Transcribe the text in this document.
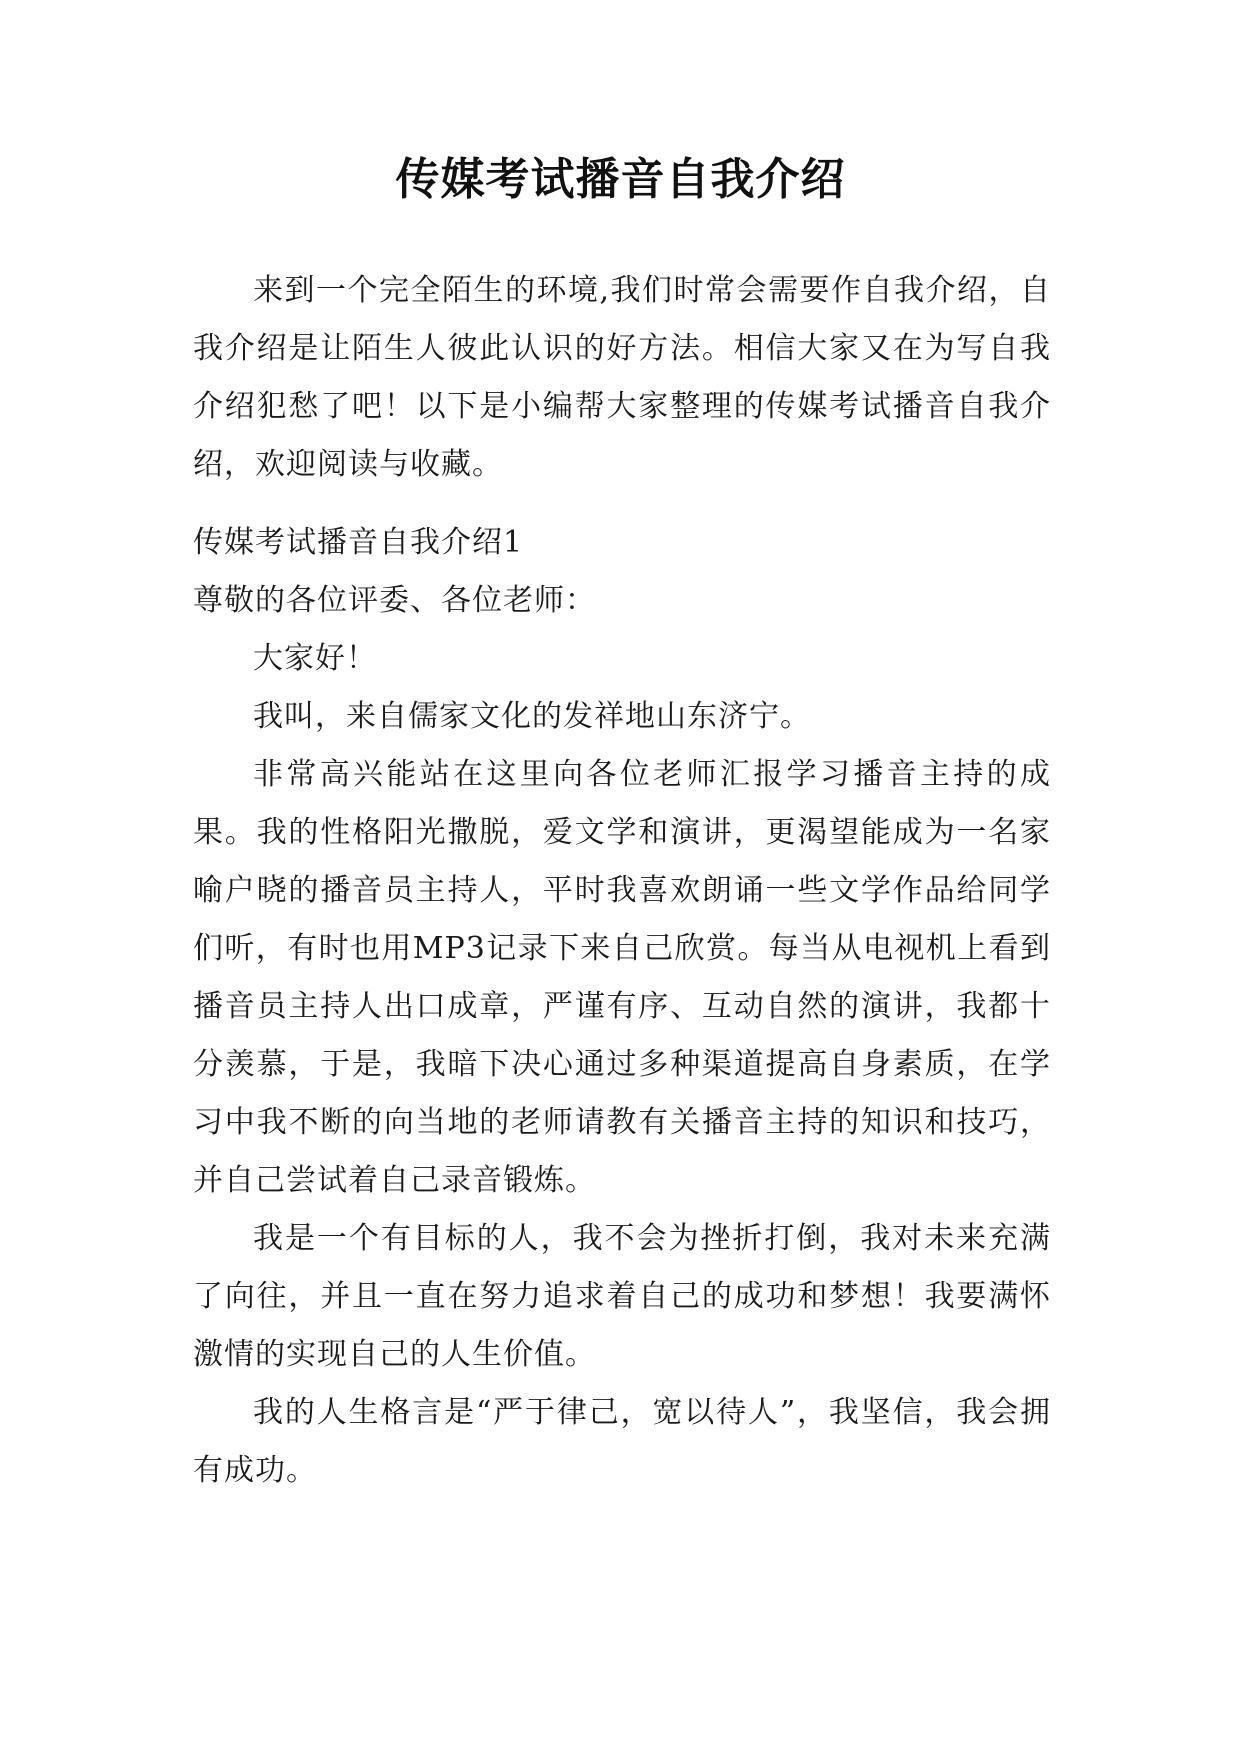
传媒考试播音自我介绍

来到一个完全陌生的环境,我们时常会需要作自我介绍，自我介绍是让陌生人彼此认识的好方法。相信大家又在为写自我介绍犯愁了吧！以下是小编帮大家整理的传媒考试播音自我介绍，欢迎阅读与收藏。

传媒考试播音自我介绍1

尊敬的各位评委、各位老师：

大家好！

我叫，来自儒家文化的发祥地山东济宁。

非常高兴能站在这里向各位老师汇报学习播音主持的成果。我的性格阳光撒脱，爱文学和演讲，更渴望能成为一名家喻户晓的播音员主持人，平时我喜欢朗诵一些文学作品给同学们听，有时也用MP3记录下来自己欣赏。每当从电视机上看到播音员主持人出口成章，严谨有序、互动自然的演讲，我都十分羡慕，于是，我暗下决心通过多种渠道提高自身素质，在学习中我不断的向当地的老师请教有关播音主持的知识和技巧，并自己尝试着自己录音锻炼。

我是一个有目标的人，我不会为挫折打倒，我对未来充满了向往，并且一直在努力追求着自己的成功和梦想！我要满怀激情的实现自己的人生价值。

我的人生格言是“严于律己，宽以待人”，我坚信，我会拥有成功。
